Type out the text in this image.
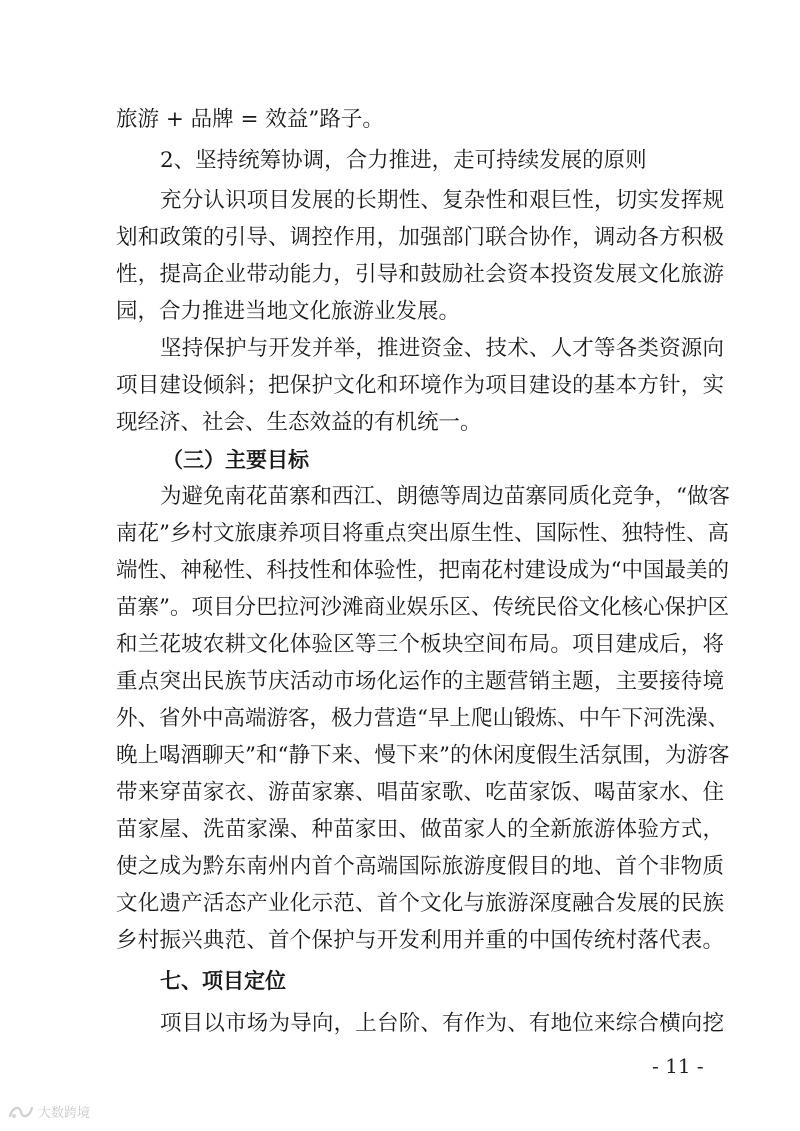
旅游 + 品牌 = 效益”路子。
2、坚持统筹协调，合力推进，走可持续发展的原则
充分认识项目发展的长期性、复杂性和艰巨性，切实发挥规
划和政策的引导、调控作用，加强部门联合协作，调动各方积极
性，提高企业带动能力，引导和鼓励社会资本投资发展文化旅游
园，合力推进当地文化旅游业发展。
坚持保护与开发并举，推进资金、技术、人才等各类资源向
项目建设倾斜；把保护文化和环境作为项目建设的基本方针，实
现经济、社会、生态效益的有机统一。
（三）主要目标
为避免南花苗寨和西江、朗德等周边苗寨同质化竞争，“做客
南花”乡村文旅康养项目将重点突出原生性、国际性、独特性、高
端性、神秘性、科技性和体验性，把南花村建设成为“中国最美的
苗寨”。项目分巴拉河沙滩商业娱乐区、传统民俗文化核心保护区
和兰花坡农耕文化体验区等三个板块空间布局。项目建成后，将
重点突出民族节庆活动市场化运作的主题营销主题，主要接待境
外、省外中高端游客，极力营造“早上爬山锻炼、中午下河洗澡、
晚上喝酒聊天”和“静下来、慢下来”的休闲度假生活氛围，为游客
带来穿苗家衣、游苗家寨、唱苗家歌、吃苗家饭、喝苗家水、住
苗家屋、洗苗家澡、种苗家田、做苗家人的全新旅游体验方式，
使之成为黔东南州内首个高端国际旅游度假目的地、首个非物质
文化遗产活态产业化示范、首个文化与旅游深度融合发展的民族
乡村振兴典范、首个保护与开发利用并重的中国传统村落代表。
七、项目定位
项目以市场为导向，上台阶、有作为、有地位来综合横向挖
- 11 -
大数跨境
